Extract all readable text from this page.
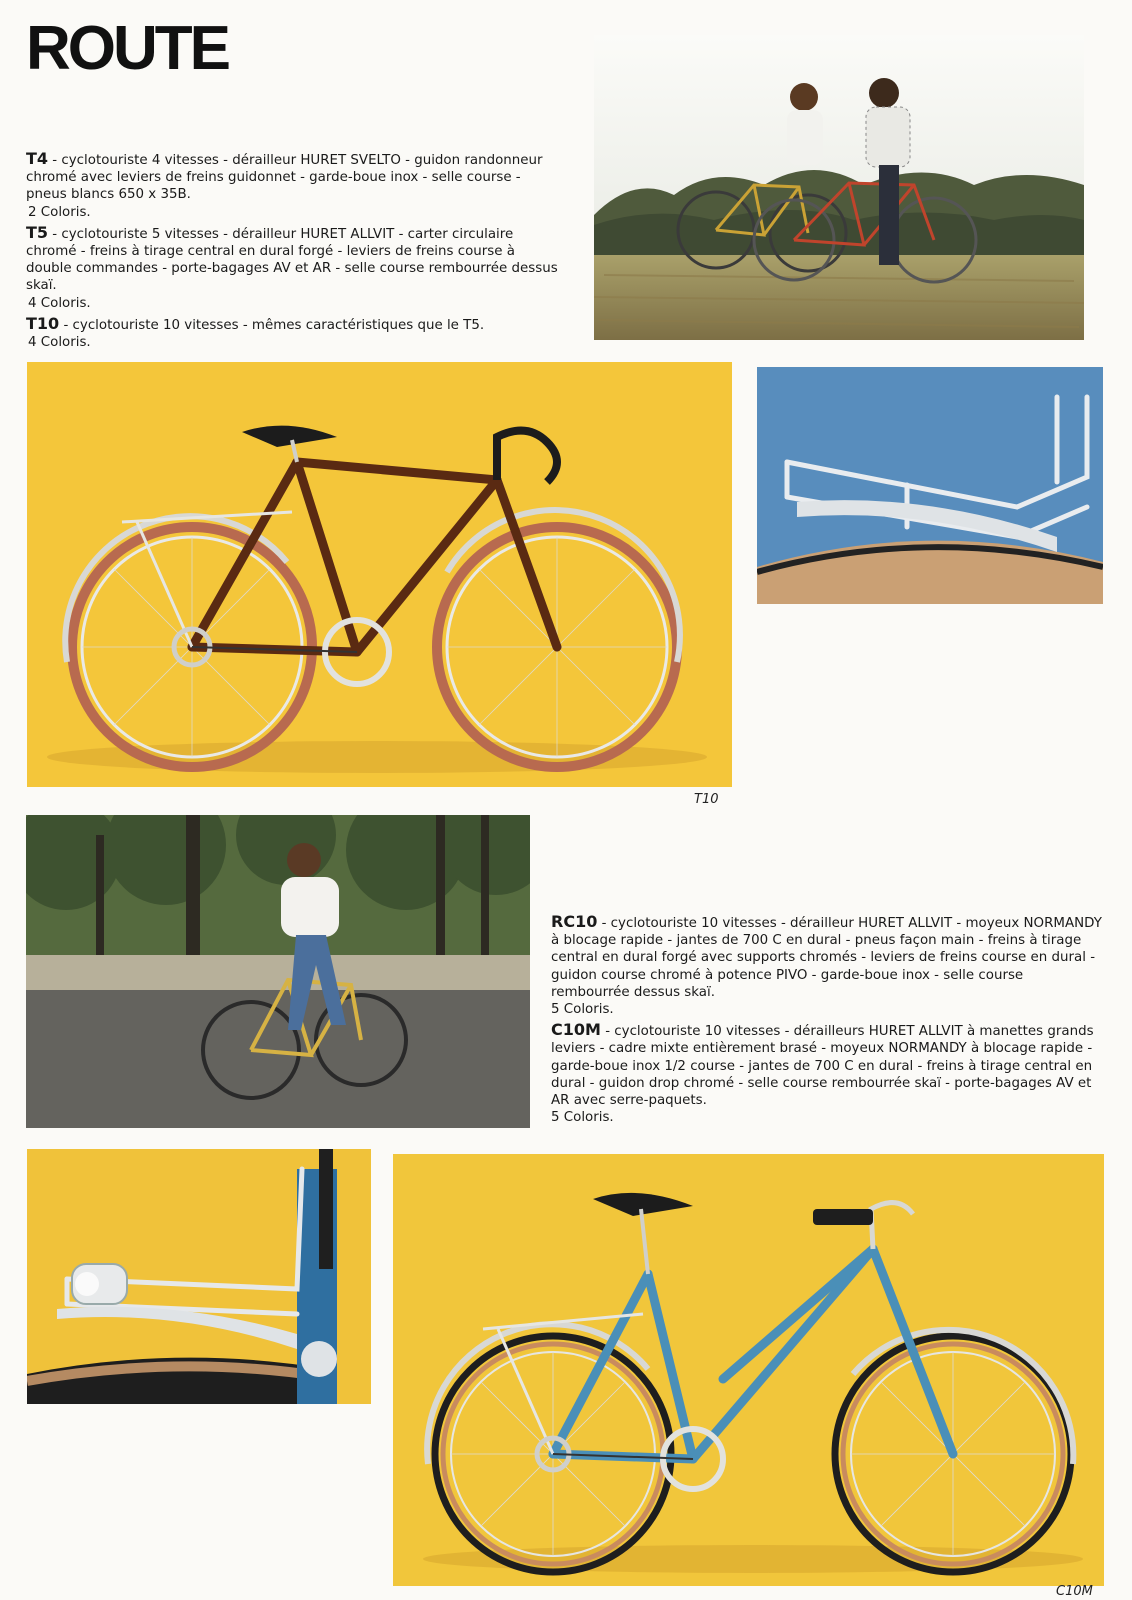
ROUTE

T4 - cyclotouriste 4 vitesses - dérailleur HURET SVELTO - guidon randonneur chromé avec leviers de freins guidonnet - garde-boue inox - selle course - pneus blancs 650 x 35B.
2 Coloris.

T5 - cyclotouriste 5 vitesses - dérailleur HURET ALLVIT - carter circulaire chromé - freins à tirage central en dural forgé - leviers de freins course à double commandes - porte-bagages AV et AR - selle course rembourrée dessus skaï.
4 Coloris.

T10 - cyclotouriste 10 vitesses - mêmes caractéristiques que le T5.
4 Coloris.

T10

RC10 - cyclotouriste 10 vitesses - dérailleur HURET ALLVIT - moyeux NORMANDY à blocage rapide - jantes de 700 C en dural - pneus façon main - freins à tirage central en dural forgé avec supports chromés - leviers de freins course en dural - guidon course chromé à potence PIVO - garde-boue inox - selle course rembourrée dessus skaï.
5 Coloris.

C10M - cyclotouriste 10 vitesses - dérailleurs HURET ALLVIT à manettes grands leviers - cadre mixte entièrement brasé - moyeux NORMANDY à blocage rapide - garde-boue inox 1/2 course - jantes de 700 C en dural - freins à tirage central en dural - guidon drop chromé - selle course rembourrée skaï - porte-bagages AV et AR avec serre-paquets.
5 Coloris.

C10M
